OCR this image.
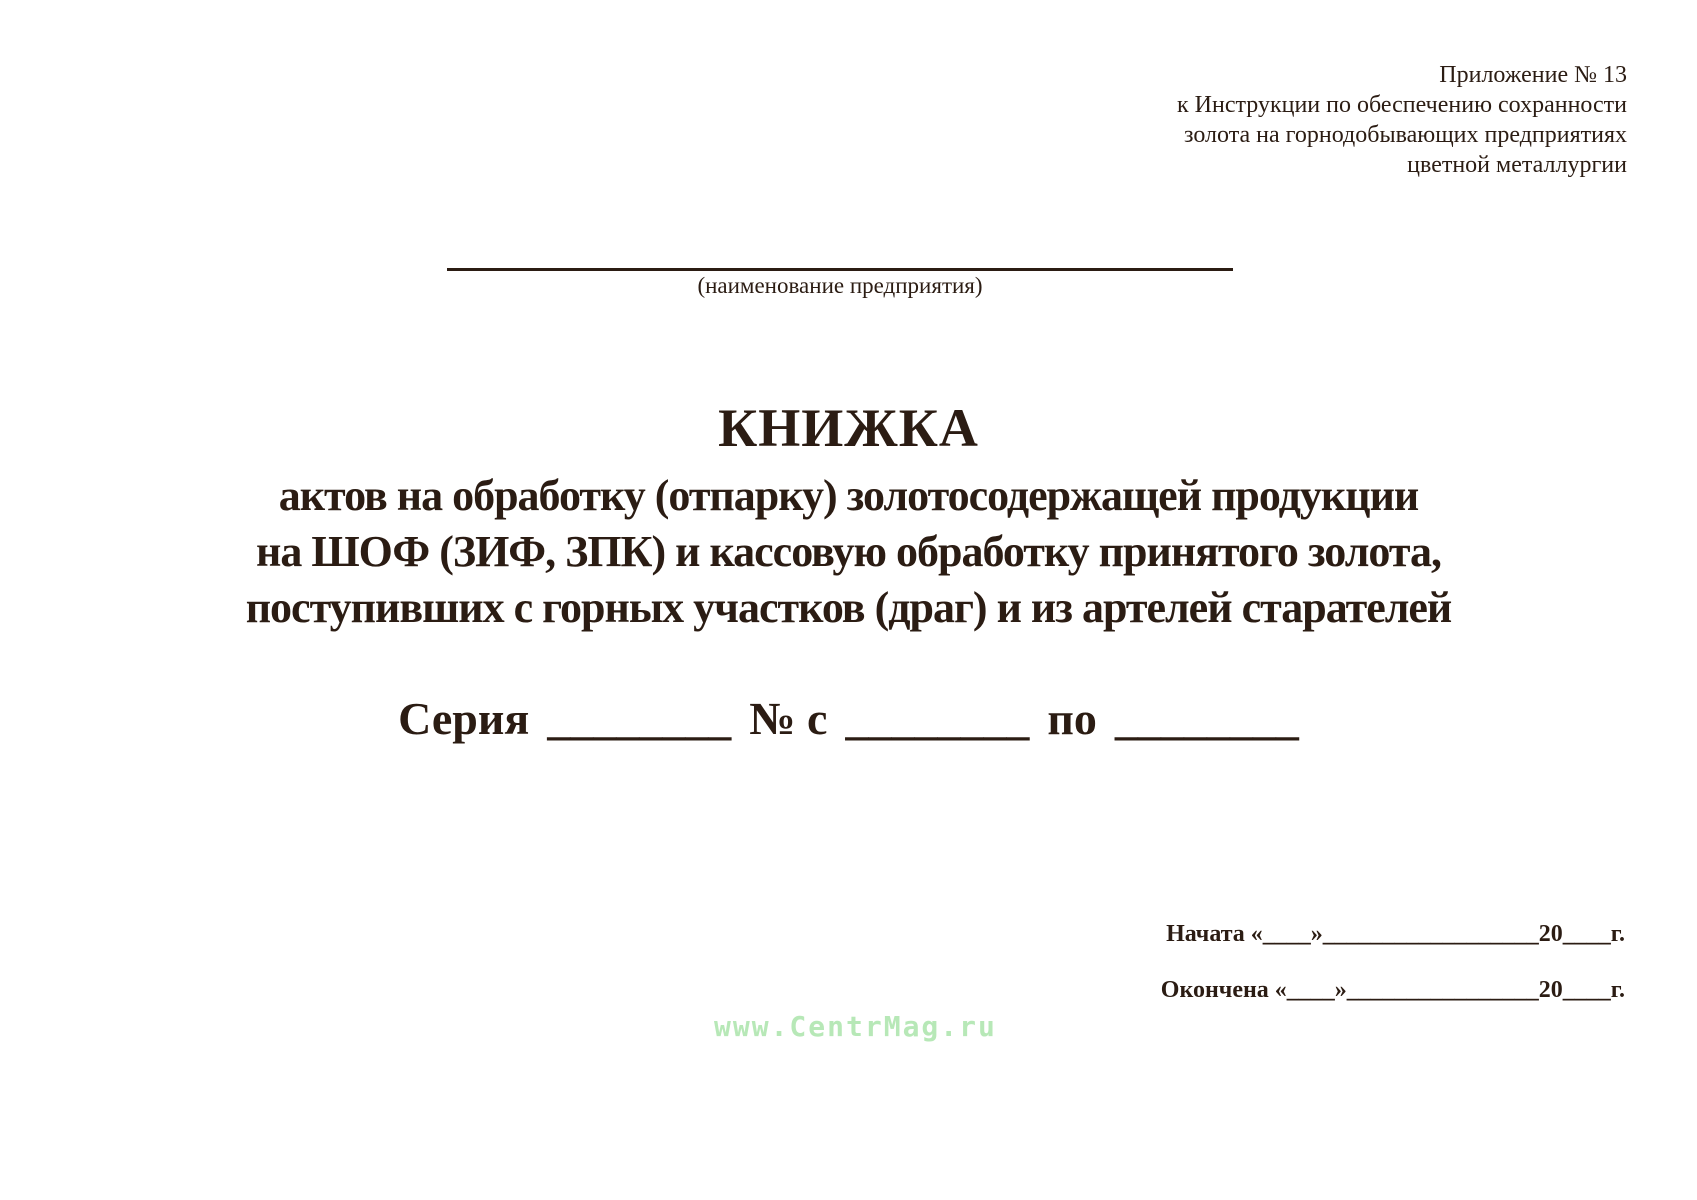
Приложение № 13
к Инструкции по обеспечению сохранности
золота на горнодобывающих предприятиях
цветной металлургии
(наименование предприятия)
КНИЖКА
актов на обработку (отпарку) золотосодержащей продукции
на ШОФ (ЗИФ, ЗПК) и кассовую обработку принятого золота,
поступивших с горных участков (драг) и из артелей старателей
Серия ________ № с ________ по ________
Начата «____»__________________20____г.
Окончена «____»________________20____г.
www.CentrMag.ru
